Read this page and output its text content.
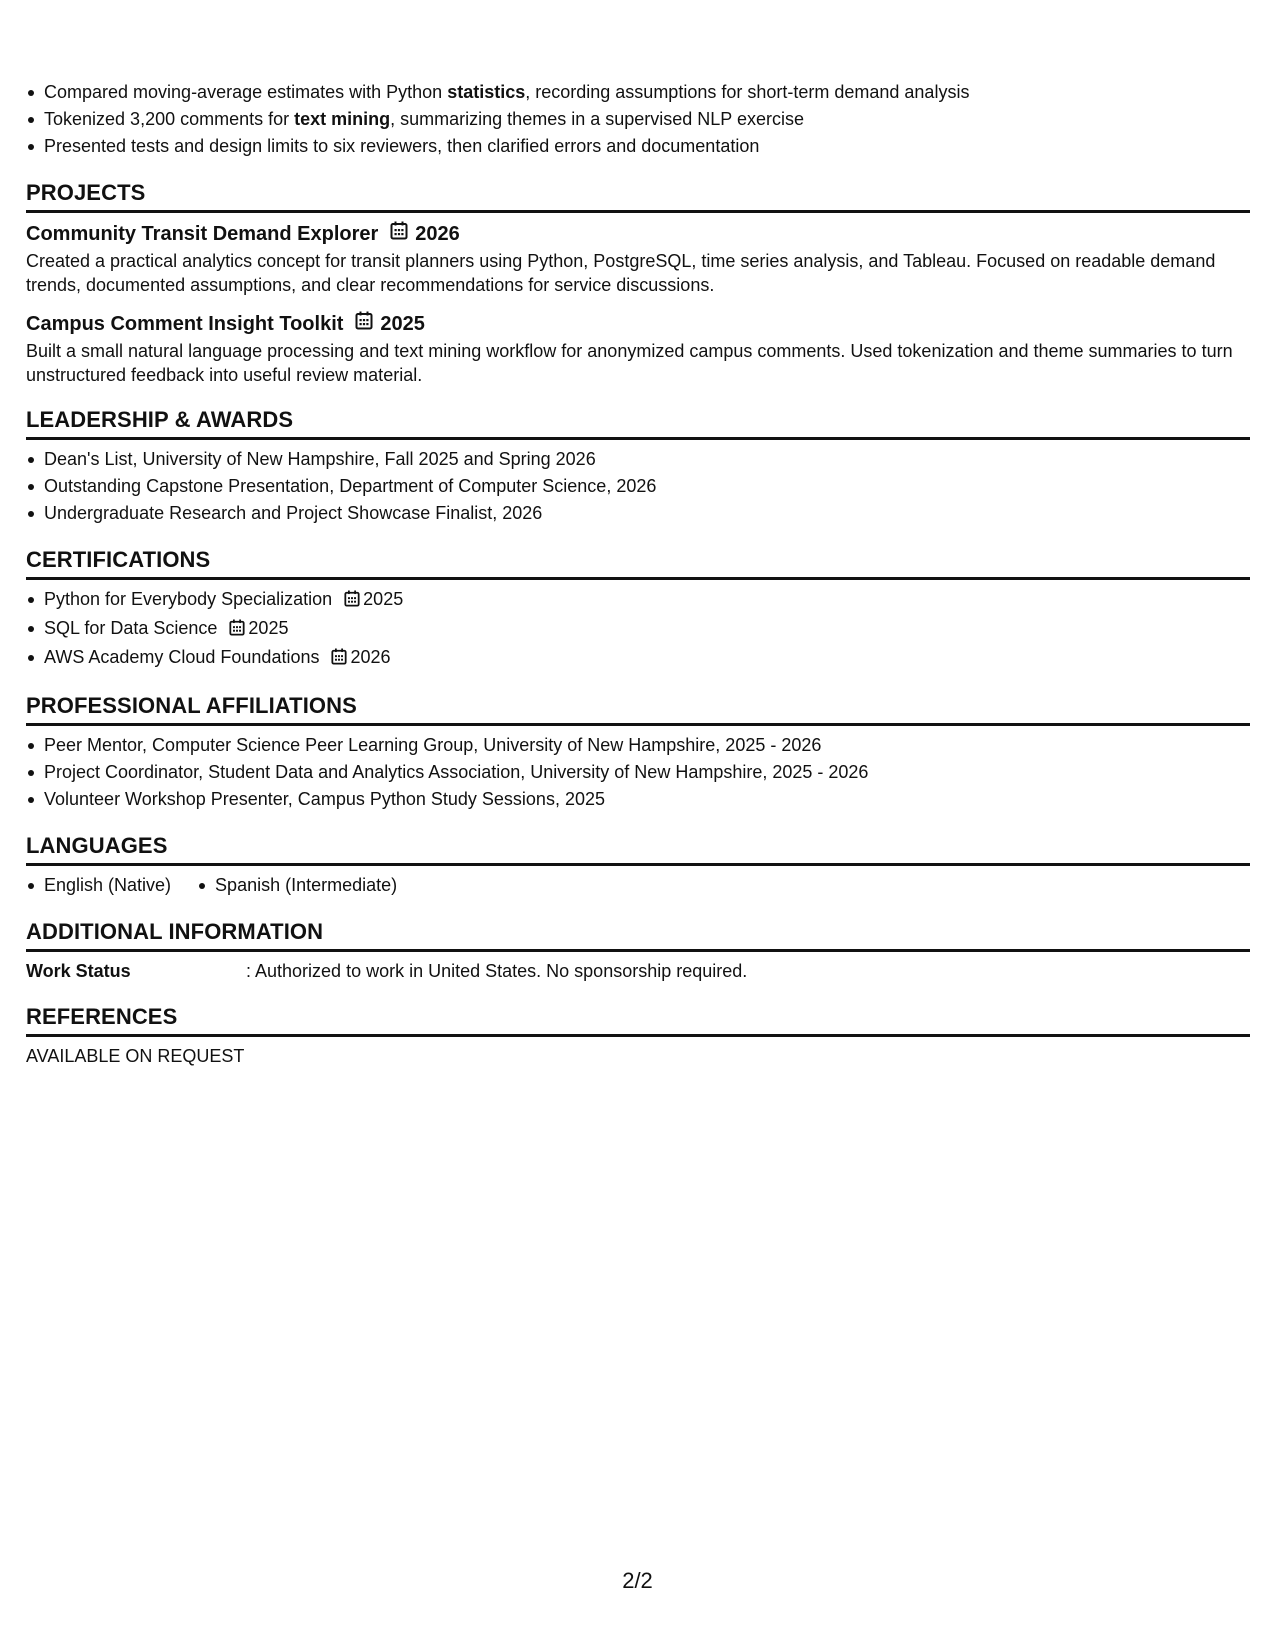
Compared moving-average estimates with Python statistics, recording assumptions for short-term demand analysis
Tokenized 3,200 comments for text mining, summarizing themes in a supervised NLP exercise
Presented tests and design limits to six reviewers, then clarified errors and documentation
PROJECTS
Community Transit Demand Explorer 2026
Created a practical analytics concept for transit planners using Python, PostgreSQL, time series analysis, and Tableau. Focused on readable demand trends, documented assumptions, and clear recommendations for service discussions.
Campus Comment Insight Toolkit 2025
Built a small natural language processing and text mining workflow for anonymized campus comments. Used tokenization and theme summaries to turn unstructured feedback into useful review material.
LEADERSHIP & AWARDS
Dean's List, University of New Hampshire, Fall 2025 and Spring 2026
Outstanding Capstone Presentation, Department of Computer Science, 2026
Undergraduate Research and Project Showcase Finalist, 2026
CERTIFICATIONS
Python for Everybody Specialization 2025
SQL for Data Science 2025
AWS Academy Cloud Foundations 2026
PROFESSIONAL AFFILIATIONS
Peer Mentor, Computer Science Peer Learning Group, University of New Hampshire, 2025 - 2026
Project Coordinator, Student Data and Analytics Association, University of New Hampshire, 2025 - 2026
Volunteer Workshop Presenter, Campus Python Study Sessions, 2025
LANGUAGES
English (Native) Spanish (Intermediate)
ADDITIONAL INFORMATION
Work Status	: Authorized to work in United States. No sponsorship required.
REFERENCES
AVAILABLE ON REQUEST
2/2
